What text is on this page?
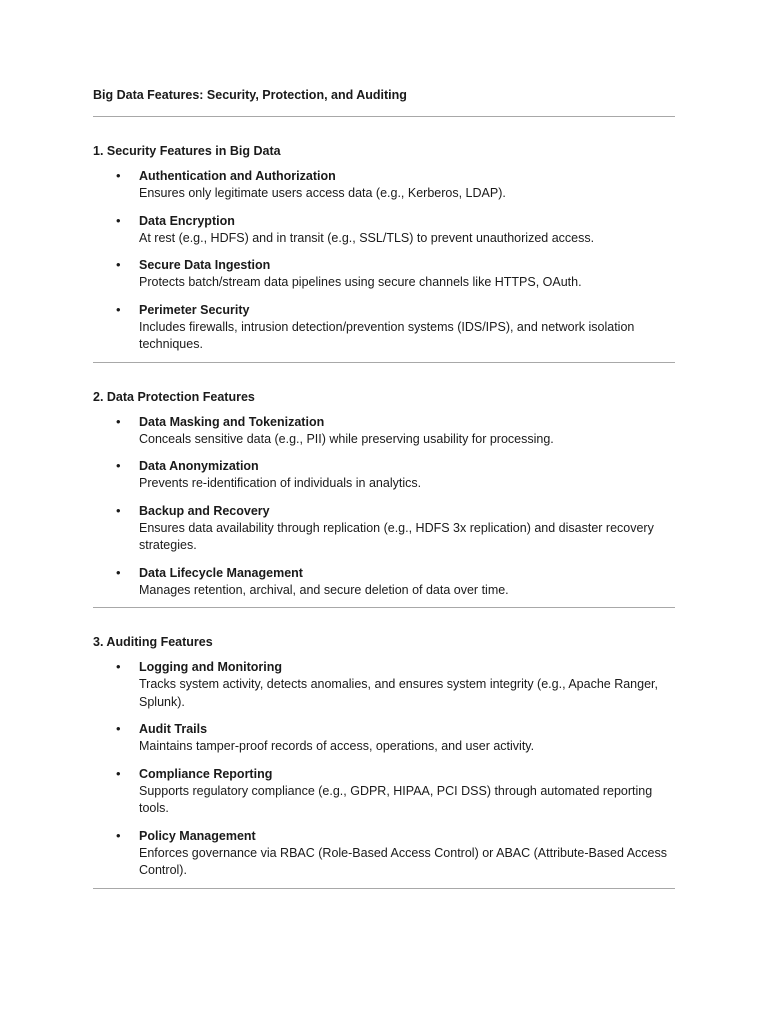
Big Data Features: Security, Protection, and Auditing
1. Security Features in Big Data
• Authentication and Authorization
Ensures only legitimate users access data (e.g., Kerberos, LDAP).
• Data Encryption
At rest (e.g., HDFS) and in transit (e.g., SSL/TLS) to prevent unauthorized access.
• Secure Data Ingestion
Protects batch/stream data pipelines using secure channels like HTTPS, OAuth.
• Perimeter Security
Includes firewalls, intrusion detection/prevention systems (IDS/IPS), and network isolation techniques.
2. Data Protection Features
• Data Masking and Tokenization
Conceals sensitive data (e.g., PII) while preserving usability for processing.
• Data Anonymization
Prevents re-identification of individuals in analytics.
• Backup and Recovery
Ensures data availability through replication (e.g., HDFS 3x replication) and disaster recovery strategies.
• Data Lifecycle Management
Manages retention, archival, and secure deletion of data over time.
3. Auditing Features
• Logging and Monitoring
Tracks system activity, detects anomalies, and ensures system integrity (e.g., Apache Ranger, Splunk).
• Audit Trails
Maintains tamper-proof records of access, operations, and user activity.
• Compliance Reporting
Supports regulatory compliance (e.g., GDPR, HIPAA, PCI DSS) through automated reporting tools.
• Policy Management
Enforces governance via RBAC (Role-Based Access Control) or ABAC (Attribute-Based Access Control).
